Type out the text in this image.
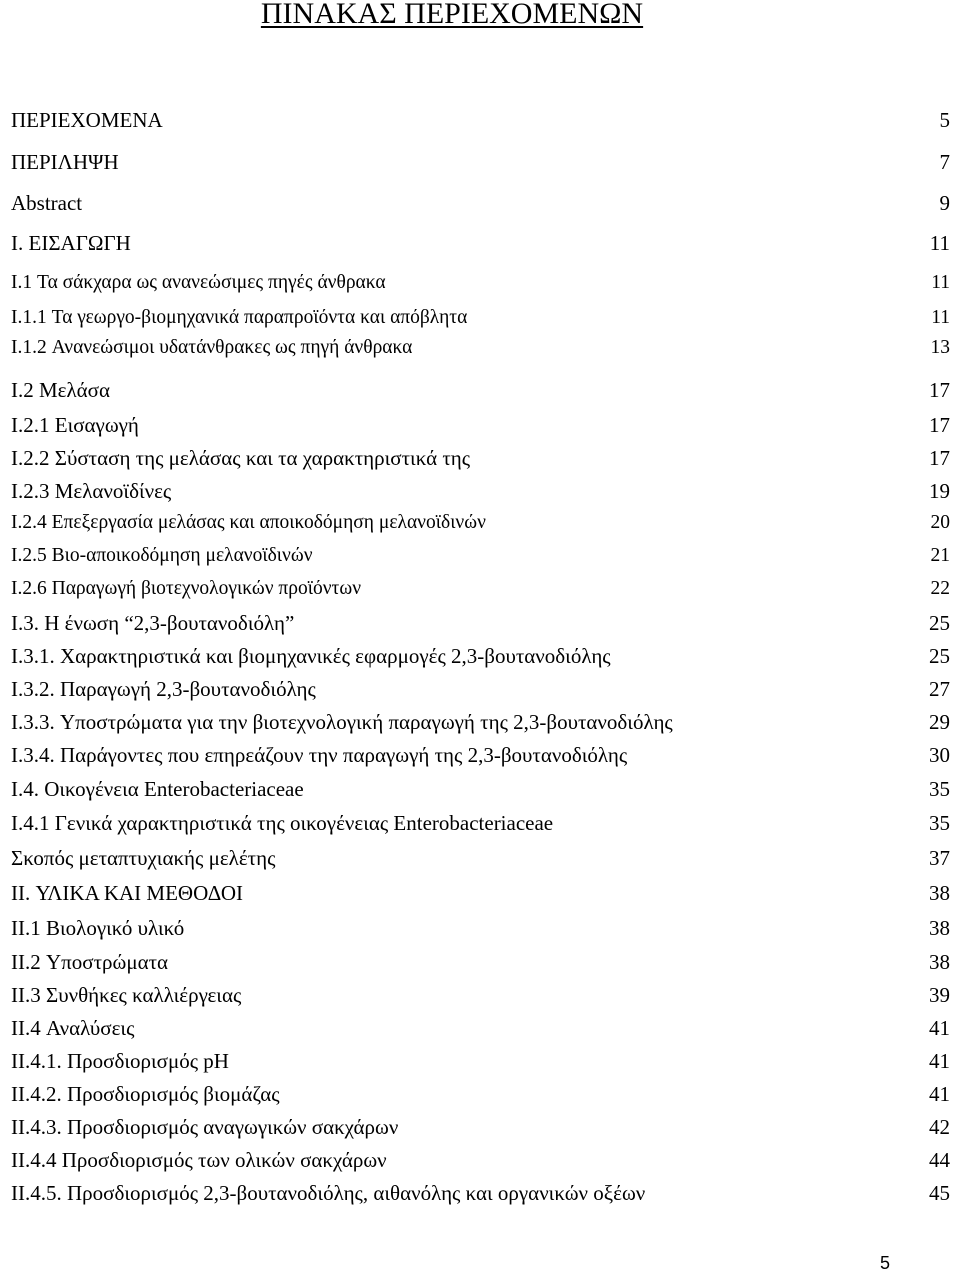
ΠΙΝΑΚΑΣ ΠΕΡΙΕΧΟΜΕΝΩΝ
ΠΕΡΙΕΧΟΜΕΝΑ	5
ΠΕΡΙΛΗΨΗ	7
Abstract	9
I. ΕΙΣΑΓΩΓΗ	11
I.1 Τα σάκχαρα ως ανανεώσιμες πηγές άνθρακα	11
I.1.1 Τα γεωργο-βιομηχανικά παραπροϊόντα και απόβλητα	11
I.1.2 Ανανεώσιμοι υδατάνθρακες ως πηγή άνθρακα	13
I.2 Μελάσα	17
I.2.1 Εισαγωγή	17
I.2.2 Σύσταση της μελάσας και τα χαρακτηριστικά της	17
I.2.3 Μελανοϊδίνες	19
I.2.4 Επεξεργασία μελάσας και αποικοδόμηση μελανοϊδινών	20
I.2.5 Βιο-αποικοδόμηση μελανοϊδινών	21
I.2.6 Παραγωγή βιοτεχνολογικών προϊόντων	22
I.3. Η ένωση “2,3-βουτανοδιόλη”	25
I.3.1. Χαρακτηριστικά και βιομηχανικές εφαρμογές 2,3-βουτανοδιόλης	25
I.3.2. Παραγωγή 2,3-βουτανοδιόλης	27
I.3.3. Υποστρώματα για την βιοτεχνολογική παραγωγή της 2,3-βουτανοδιόλης	29
I.3.4. Παράγοντες που επηρεάζουν την παραγωγή της 2,3-βουτανοδιόλης	30
I.4. Οικογένεια Enterobacteriaceae	35
I.4.1 Γενικά χαρακτηριστικά της οικογένειας Enterobacteriaceae	35
Σκοπός μεταπτυχιακής μελέτης	37
II. ΥΛΙΚΑ ΚΑΙ ΜΕΘΟΔΟΙ	38
II.1 Βιολογικό υλικό	38
II.2 Υποστρώματα	38
II.3 Συνθήκες καλλιέργειας	39
II.4 Αναλύσεις	41
II.4.1. Προσδιορισμός pH	41
II.4.2. Προσδιορισμός βιομάζας	41
II.4.3. Προσδιορισμός αναγωγικών σακχάρων	42
II.4.4 Προσδιορισμός των ολικών σακχάρων	44
II.4.5. Προσδιορισμός 2,3-βουτανοδιόλης, αιθανόλης και οργανικών οξέων	45
5
